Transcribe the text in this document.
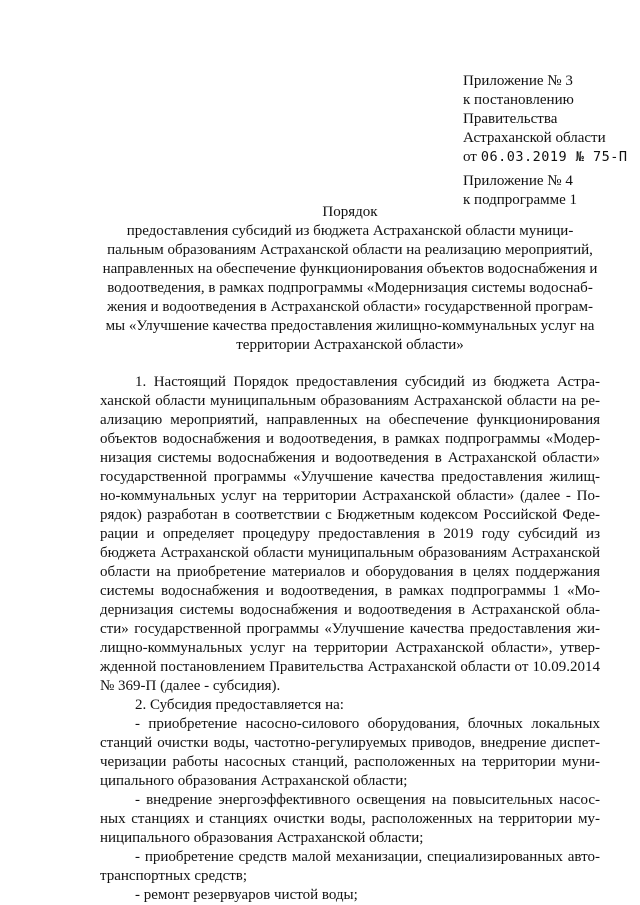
Приложение № 3
к постановлению
Правительства
Астраханской области
от 06.03.2019 № 75-П
Приложение № 4
к подпрограмме 1
Порядок
предоставления субсидий из бюджета Астраханской области муници-
пальным образованиям Астраханской области на реализацию мероприятий,
направленных на обеспечение функционирования объектов водоснабжения и
водоотведения, в рамках подпрограммы «Модернизация системы водоснаб-
жения и водоотведения в Астраханской области» государственной програм-
мы «Улучшение качества предоставления жилищно-коммунальных услуг на
территории Астраханской области»
1. Настоящий Порядок предоставления субсидий из бюджета Астра-
ханской области муниципальным образованиям Астраханской области на ре-
ализацию мероприятий, направленных на обеспечение функционирования
объектов водоснабжения и водоотведения, в рамках подпрограммы «Модер-
низация системы водоснабжения и водоотведения в Астраханской области»
государственной программы «Улучшение качества предоставления жилищ-
но-коммунальных услуг на территории Астраханской области» (далее - По-
рядок) разработан в соответствии с Бюджетным кодексом Российской Феде-
рации и определяет процедуру предоставления в 2019 году субсидий из
бюджета Астраханской области муниципальным образованиям Астраханской
области на приобретение материалов и оборудования в целях поддержания
системы водоснабжения и водоотведения, в рамках подпрограммы 1 «Мо-
дернизация системы водоснабжения и водоотведения в Астраханской обла-
сти» государственной программы «Улучшение качества предоставления жи-
лищно-коммунальных услуг на территории Астраханской области», утвер-
жденной постановлением Правительства Астраханской области от 10.09.2014
№ 369-П (далее - субсидия).
2. Субсидия предоставляется на:
- приобретение насосно-силового оборудования, блочных локальных
станций очистки воды, частотно-регулируемых приводов, внедрение диспет-
черизации работы насосных станций, расположенных на территории муни-
ципального образования Астраханской области;
- внедрение энергоэффективного освещения на повысительных насос-
ных станциях и станциях очистки воды, расположенных на территории му-
ниципального образования Астраханской области;
- приобретение средств малой механизации, специализированных авто-
транспортных средств;
- ремонт резервуаров чистой воды;
